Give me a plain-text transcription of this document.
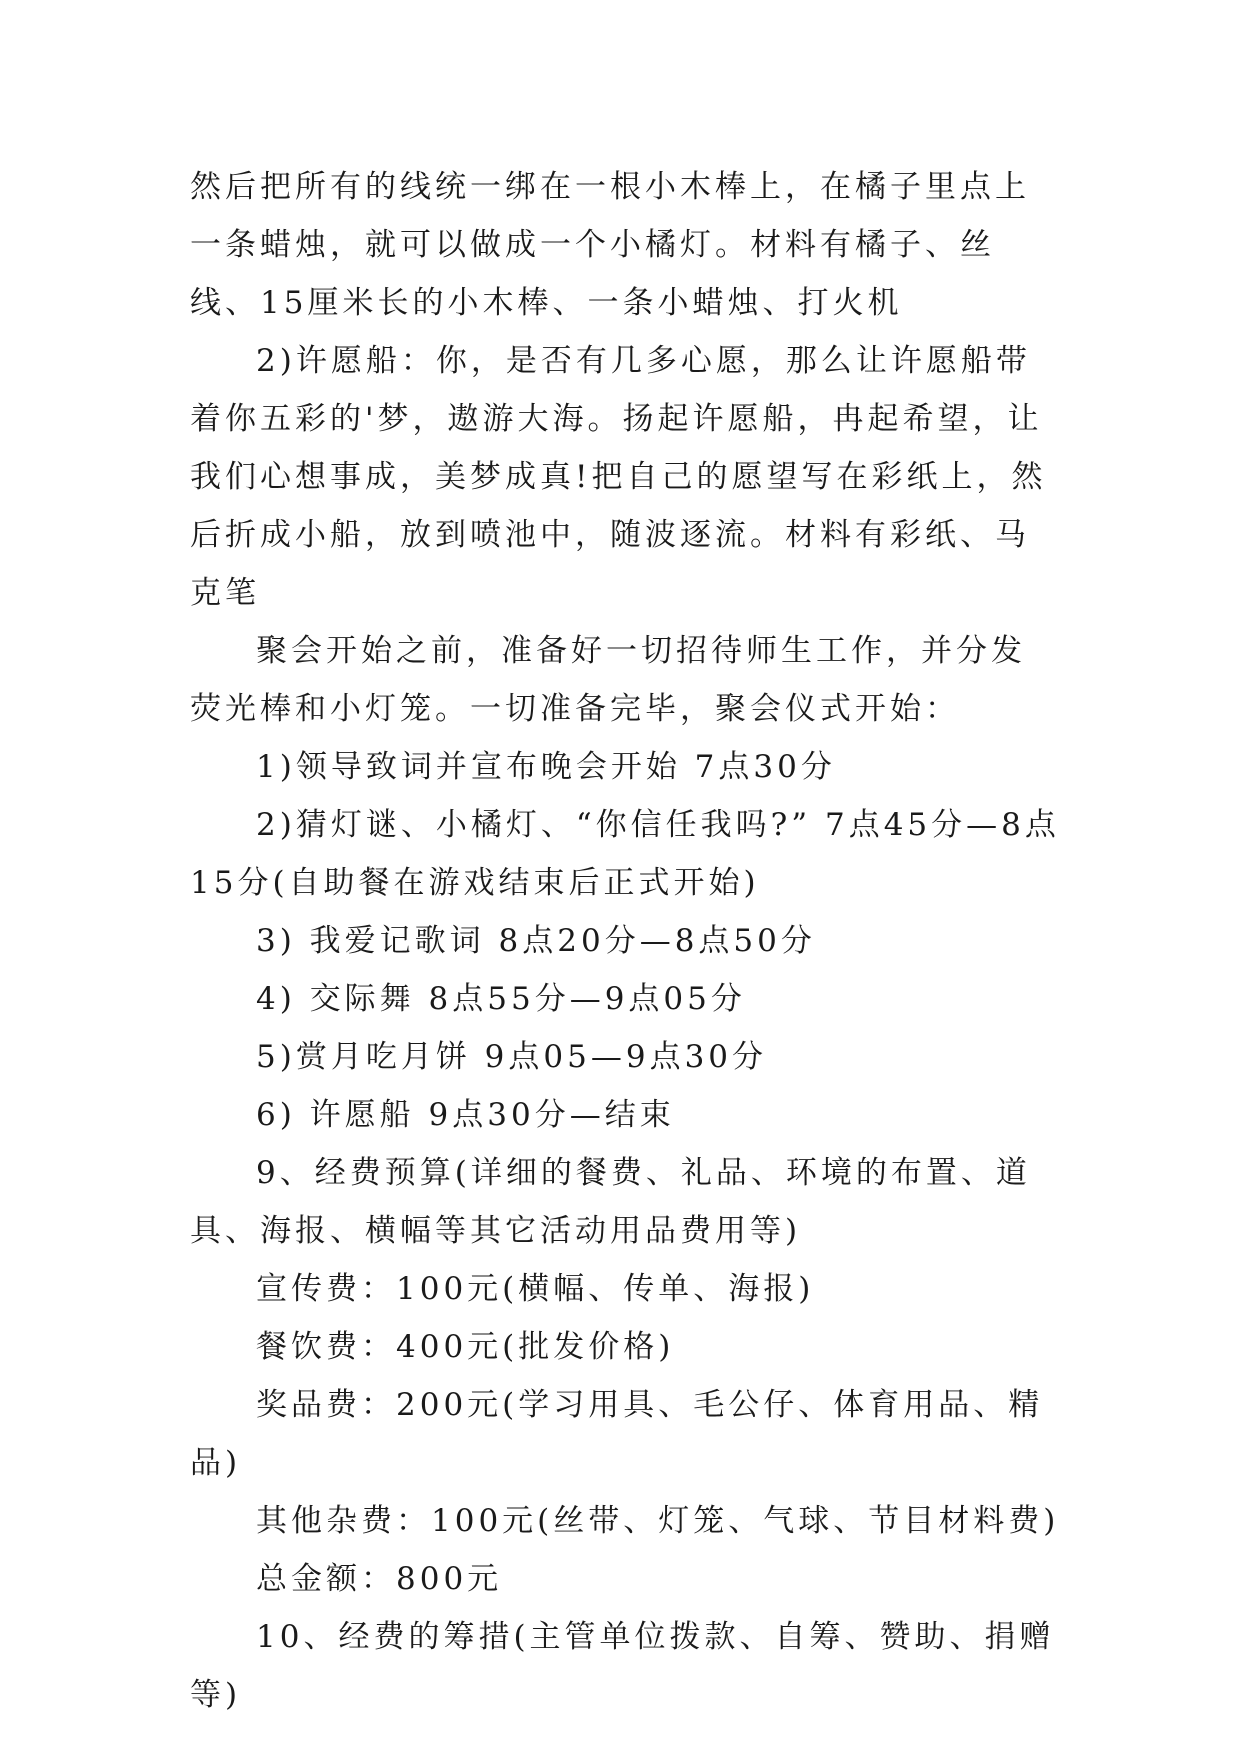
然后把所有的线统一绑在一根小木棒上，在橘子里点上一条蜡烛，就可以做成一个小橘灯。材料有橘子、丝线、15厘米长的小木棒、一条小蜡烛、打火机

2)许愿船：你，是否有几多心愿，那么让许愿船带着你五彩的'梦，遨游大海。扬起许愿船，冉起希望，让我们心想事成，美梦成真!把自己的愿望写在彩纸上，然后折成小船，放到喷池中，随波逐流。材料有彩纸、马克笔

聚会开始之前，准备好一切招待师生工作，并分发荧光棒和小灯笼。一切准备完毕，聚会仪式开始：

1)领导致词并宣布晚会开始 7点30分

2)猜灯谜、小橘灯、“你信任我吗?” 7点45分—8点15分(自助餐在游戏结束后正式开始)

3) 我爱记歌词 8点20分—8点50分

4) 交际舞 8点55分—9点05分

5)赏月吃月饼 9点05—9点30分

6) 许愿船 9点30分—结束

9、经费预算(详细的餐费、礼品、环境的布置、道具、海报、横幅等其它活动用品费用等)

宣传费：100元(横幅、传单、海报)

餐饮费：400元(批发价格)

奖品费：200元(学习用具、毛公仔、体育用品、精品)

其他杂费：100元(丝带、灯笼、气球、节目材料费)

总金额：800元

10、经费的筹措(主管单位拨款、自筹、赞助、捐赠等)
